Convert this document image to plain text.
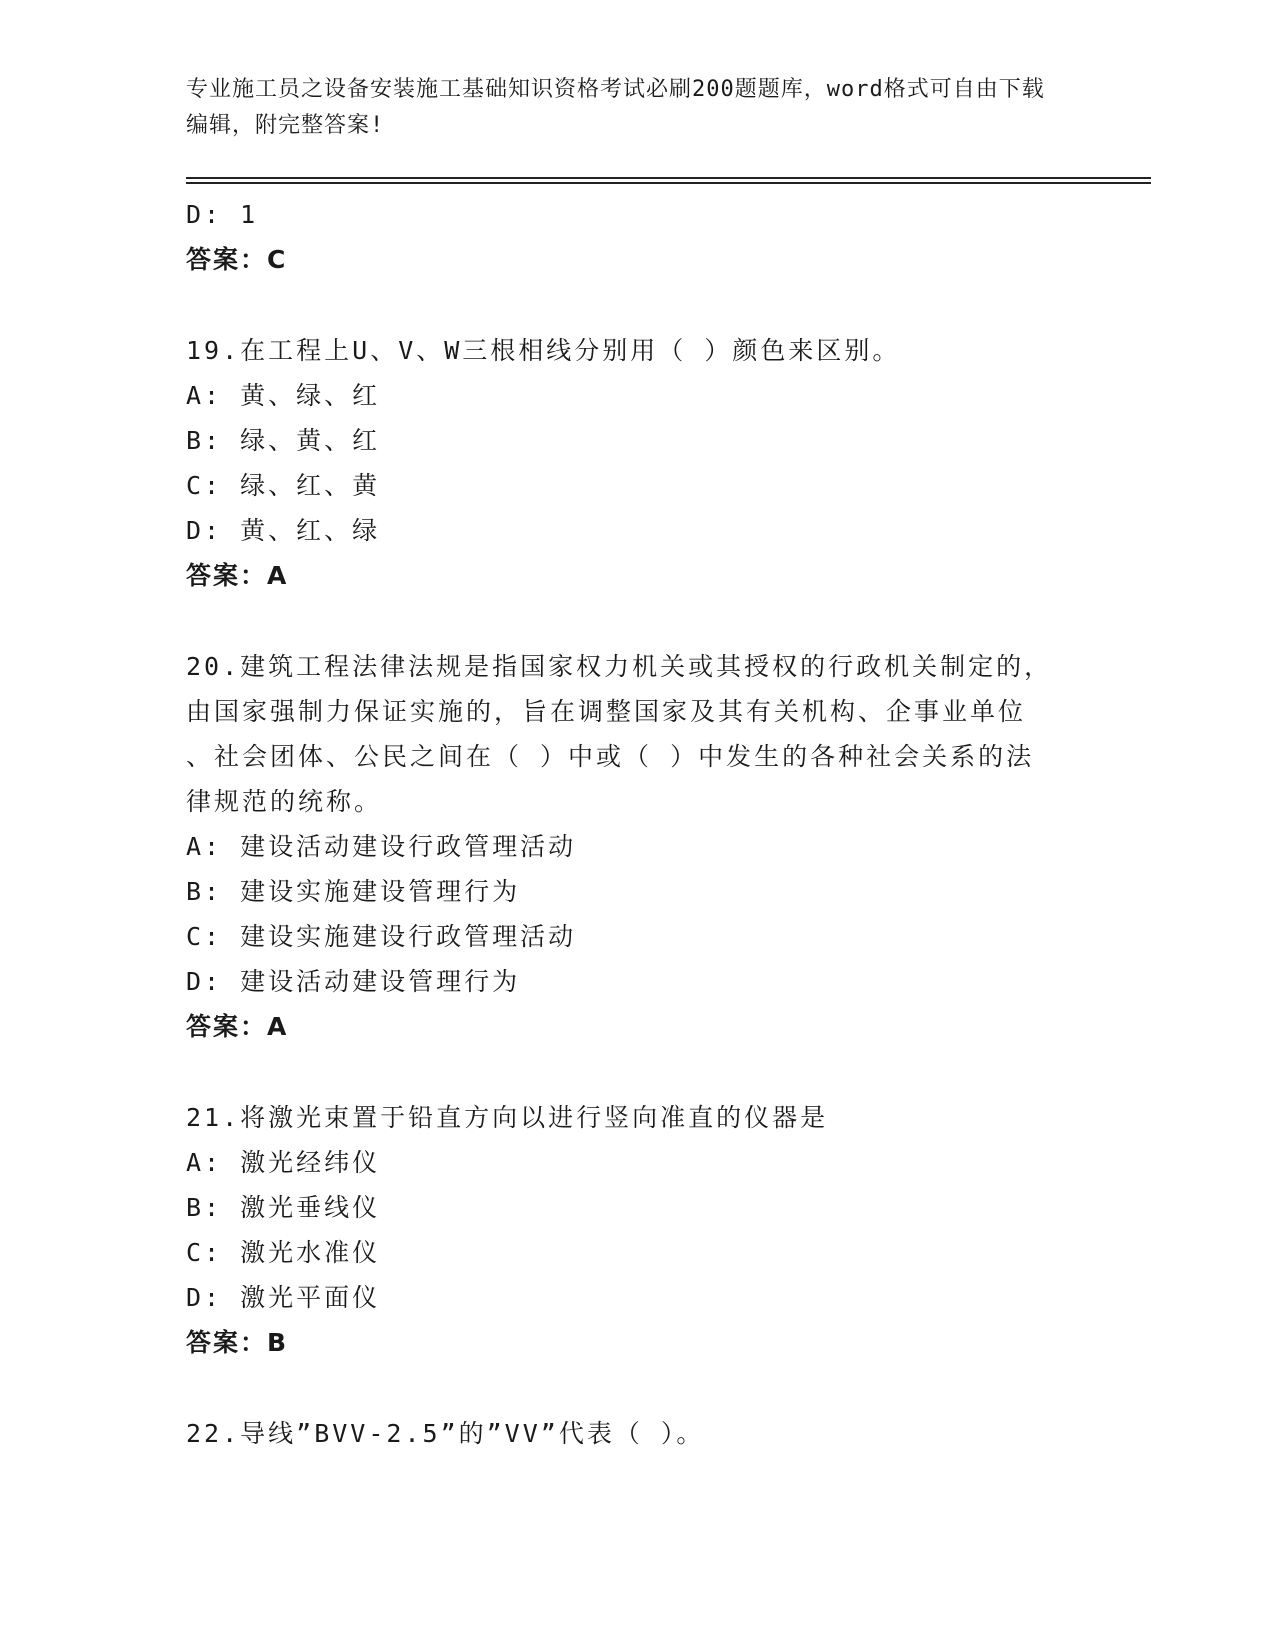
专业施工员之设备安装施工基础知识资格考试必刷200题题库，word格式可自由下载编辑，附完整答案!
D: 1
答案：C
19.在工程上U、V、W三根相线分别用（ ）颜色来区别。
A: 黄、绿、红
B: 绿、黄、红
C: 绿、红、黄
D: 黄、红、绿
答案：A
20.建筑工程法律法规是指国家权力机关或其授权的行政机关制定的，
由国家强制力保证实施的，旨在调整国家及其有关机构、企事业单位
、社会团体、公民之间在（ ）中或（ ）中发生的各种社会关系的法
律规范的统称。
A: 建设活动建设行政管理活动
B: 建设实施建设管理行为
C: 建设实施建设行政管理活动
D: 建设活动建设管理行为
答案：A
21.将激光束置于铅直方向以进行竖向准直的仪器是
A: 激光经纬仪
B: 激光垂线仪
C: 激光水准仪
D: 激光平面仪
答案：B
22.导线”BVV-2.5”的”VV”代表（ ）。
